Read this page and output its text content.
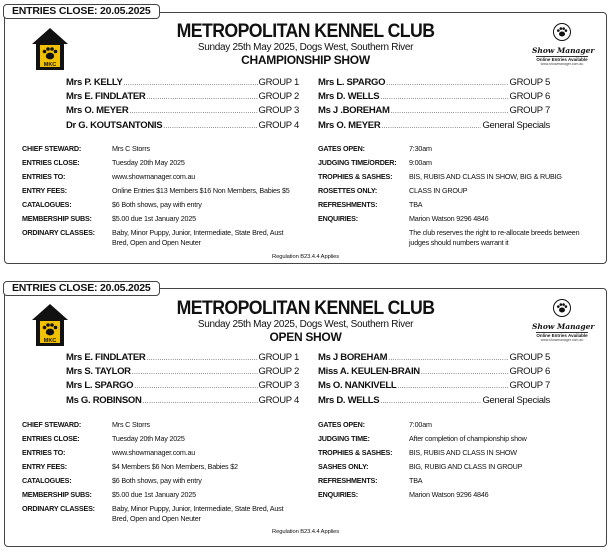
MKC
Show Manager
Online Entries Available
www.showmanager.com.au
METROPOLITAN KENNEL CLUB
Sunday 25th May 2025, Dogs West, Southern River
CHAMPIONSHIP SHOW
Mrs P. KELLY .....	GROUP 1
Mrs E. FINDLATER .....	GROUP 2
Mrs O. MEYER .....	GROUP 3
Dr G. KOUTSANTONIS .....	GROUP 4
Mrs L. SPARGO .....	GROUP 5
Mrs D. WELLS .....	GROUP 6
Ms J .BOREHAM .....	GROUP 7
Mrs O. MEYER .....	General Specials
CHIEF STEWARD:	Mrs C Storrs
ENTRIES CLOSE:	Tuesday 20th May 2025
ENTRIES TO:	www.showmanager.com.au
ENTRY FEES:	Online Entries $13 Members $16 Non Members, Babies $5
CATALOGUES:	$6 Both shows, pay with entry
MEMBERSHIP SUBS:	$5.00 due 1st January 2025
ORDINARY CLASSES:	Baby, Minor Puppy, Junior, Intermediate, State Bred, Aust Bred, Open and Open Neuter
GATES OPEN:	7:30am
JUDGING TIME/ORDER:	9:00am
TROPHIES & SASHES:	BIS, RUBIS AND CLASS IN SHOW, BIG & RUBIG
ROSETTES ONLY:	CLASS IN GROUP
REFRESHMENTS:	TBA
ENQUIRIES:	Marion Watson 9296 4846
The club reserves the right to re-allocate breeds between judges should numbers warrant it
Regulation B23.4.4 Applies
ENTRIES CLOSE: 20.05.2025
MKC
Show Manager
Online Entries Available
www.showmanager.com.au
METROPOLITAN KENNEL CLUB
Sunday 25th May 2025, Dogs West, Southern River
OPEN SHOW
Mrs E. FINDLATER .....	GROUP 1
Mrs S. TAYLOR .....	GROUP 2
Mrs L. SPARGO .....	GROUP 3
Ms G. ROBINSON .....	GROUP 4
Ms J BOREHAM .....	GROUP 5
Miss A. KEULEN-BRAIN .....	GROUP 6
Ms O. NANKIVELL .....	GROUP 7
Mrs D. WELLS .....	General Specials
CHIEF STEWARD:	Mrs C Storrs
ENTRIES CLOSE:	Tuesday 20th May 2025
ENTRIES TO:	www.showmanager.com.au
ENTRY FEES:	$4 Members $6 Non Members, Babies $2
CATALOGUES:	$6 Both shows, pay with entry
MEMBERSHIP SUBS:	$5.00 due 1st January 2025
ORDINARY CLASSES:	Baby, Minor Puppy, Junior, Intermediate, State Bred, Aust Bred, Open and Open Neuter
GATES OPEN:	7:00am
JUDGING TIME:	After completion of championship show
TROPHIES & SASHES:	BIS, RUBIS AND CLASS IN SHOW
SASHES ONLY:	BIG, RUBIG AND CLASS IN GROUP
REFRESHMENTS:	TBA
ENQUIRIES:	Marion Watson 9296 4846
Regulation B23.4.4 Applies
ENTRIES CLOSE: 20.05.2025
